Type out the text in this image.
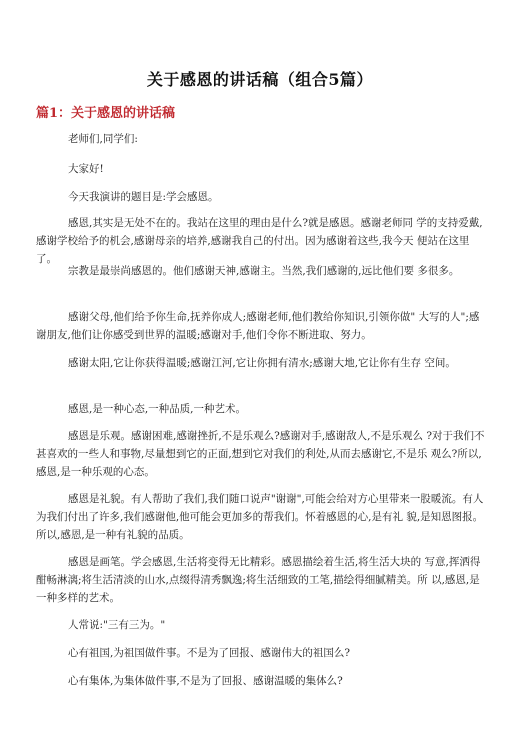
关于感恩的讲话稿（组合5篇）
篇1：关于感恩的讲话稿
老师们,同学们:
大家好!
今天我演讲的题目是:学会感恩。
感恩,其实是无处不在的。我站在这里的理由是什么?就是感恩。感谢老师同 学的支持爱戴,感谢学校给予的机会,感谢母亲的培养,感谢我自己的付出。因为感谢着这些,我今天 便站在这里了。
宗教是最崇尚感恩的。他们感谢天神,感谢主。当然,我们感谢的,远比他们要 多很多。
感谢父母,他们给予你生命,抚养你成人;感谢老师,他们教给你知识,引领你做" 大写的人";感谢朋友,他们让你感受到世界的温暖;感谢对手,他们令你不断进取、努力。
感谢太阳,它让你获得温暖;感谢江河,它让你拥有清水;感谢大地,它让你有生存 空间。
感恩,是一种心态,一种品质,一种艺术。
感恩是乐观。感谢困难,感谢挫折,不是乐观么?感谢对手,感谢敌人,不是乐观么 ?对于我们不甚喜欢的一些人和事物,尽量想到它的正面,想到它对我们的利处,从而去感谢它,不是乐 观么?所以,感恩,是一种乐观的心态。
感恩是礼貌。有人帮助了我们,我们随口说声"谢谢",可能会给对方心里带来一股暖流。有人为我们付出了许多,我们感谢他,他可能会更加多的帮我们。怀着感恩的心,是有礼 貌,是知恩图报。所以,感恩,是一种有礼貌的品质。
感恩是画笔。学会感恩,生活将变得无比精彩。感恩描绘着生活,将生活大块的 写意,挥洒得酣畅淋漓;将生活清淡的山水,点缀得清秀飘逸;将生活细致的工笔,描绘得细腻精美。所 以,感恩,是一种多样的艺术。
人常说:"三有三为。"
心有祖国,为祖国做件事。不是为了回报、感谢伟大的祖国么?
心有集体,为集体做件事,不是为了回报、感谢温暖的集体么?
